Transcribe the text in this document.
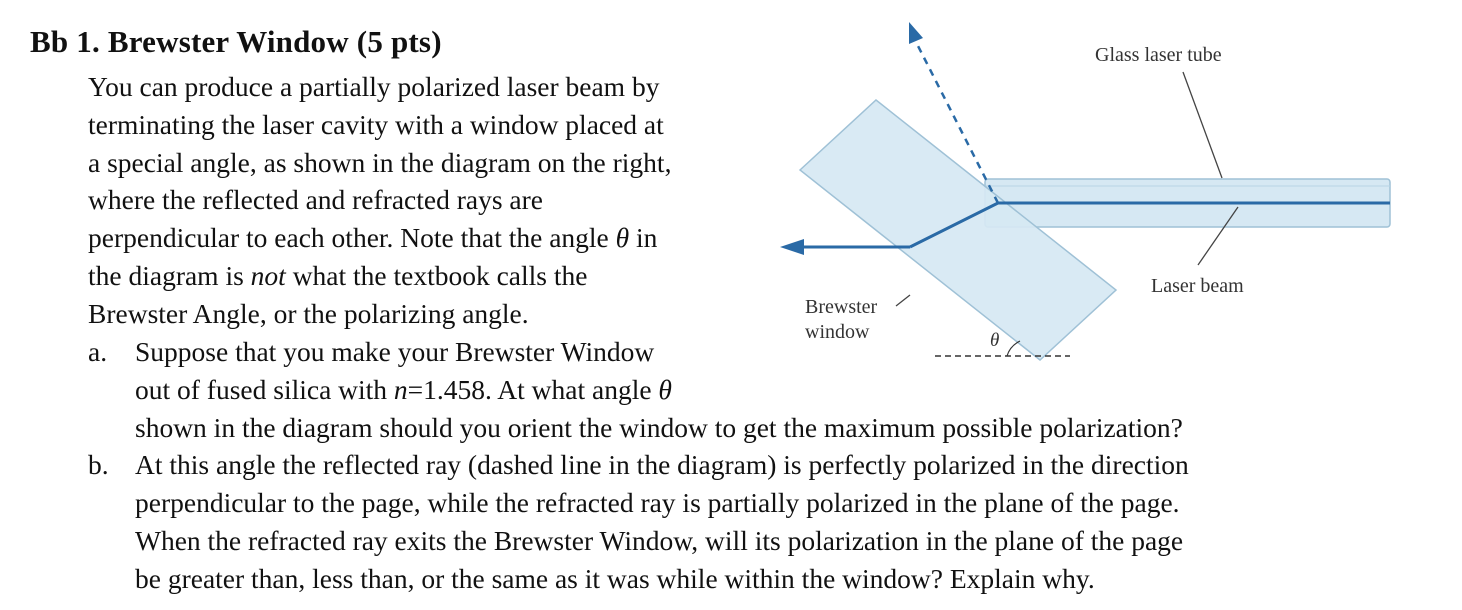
Bb 1. Brewster Window (5 pts)
You can produce a partially polarized laser beam by
terminating the laser cavity with a window placed at
a special angle, as shown in the diagram on the right,
where the reflected and refracted rays are
perpendicular to each other. Note that the angle θ in
the diagram is not what the textbook calls the
Brewster Angle, or the polarizing angle.
a. Suppose that you make your Brewster Window
out of fused silica with n=1.458. At what angle θ
shown in the diagram should you orient the window to get the maximum possible polarization?
b. At this angle the reflected ray (dashed line in the diagram) is perfectly polarized in the direction
perpendicular to the page, while the refracted ray is partially polarized in the plane of the page.
When the refracted ray exits the Brewster Window, will its polarization in the plane of the page
be greater than, less than, or the same as it was while within the window? Explain why.
θ
Glass laser tube
Laser beam
Brewster
window
